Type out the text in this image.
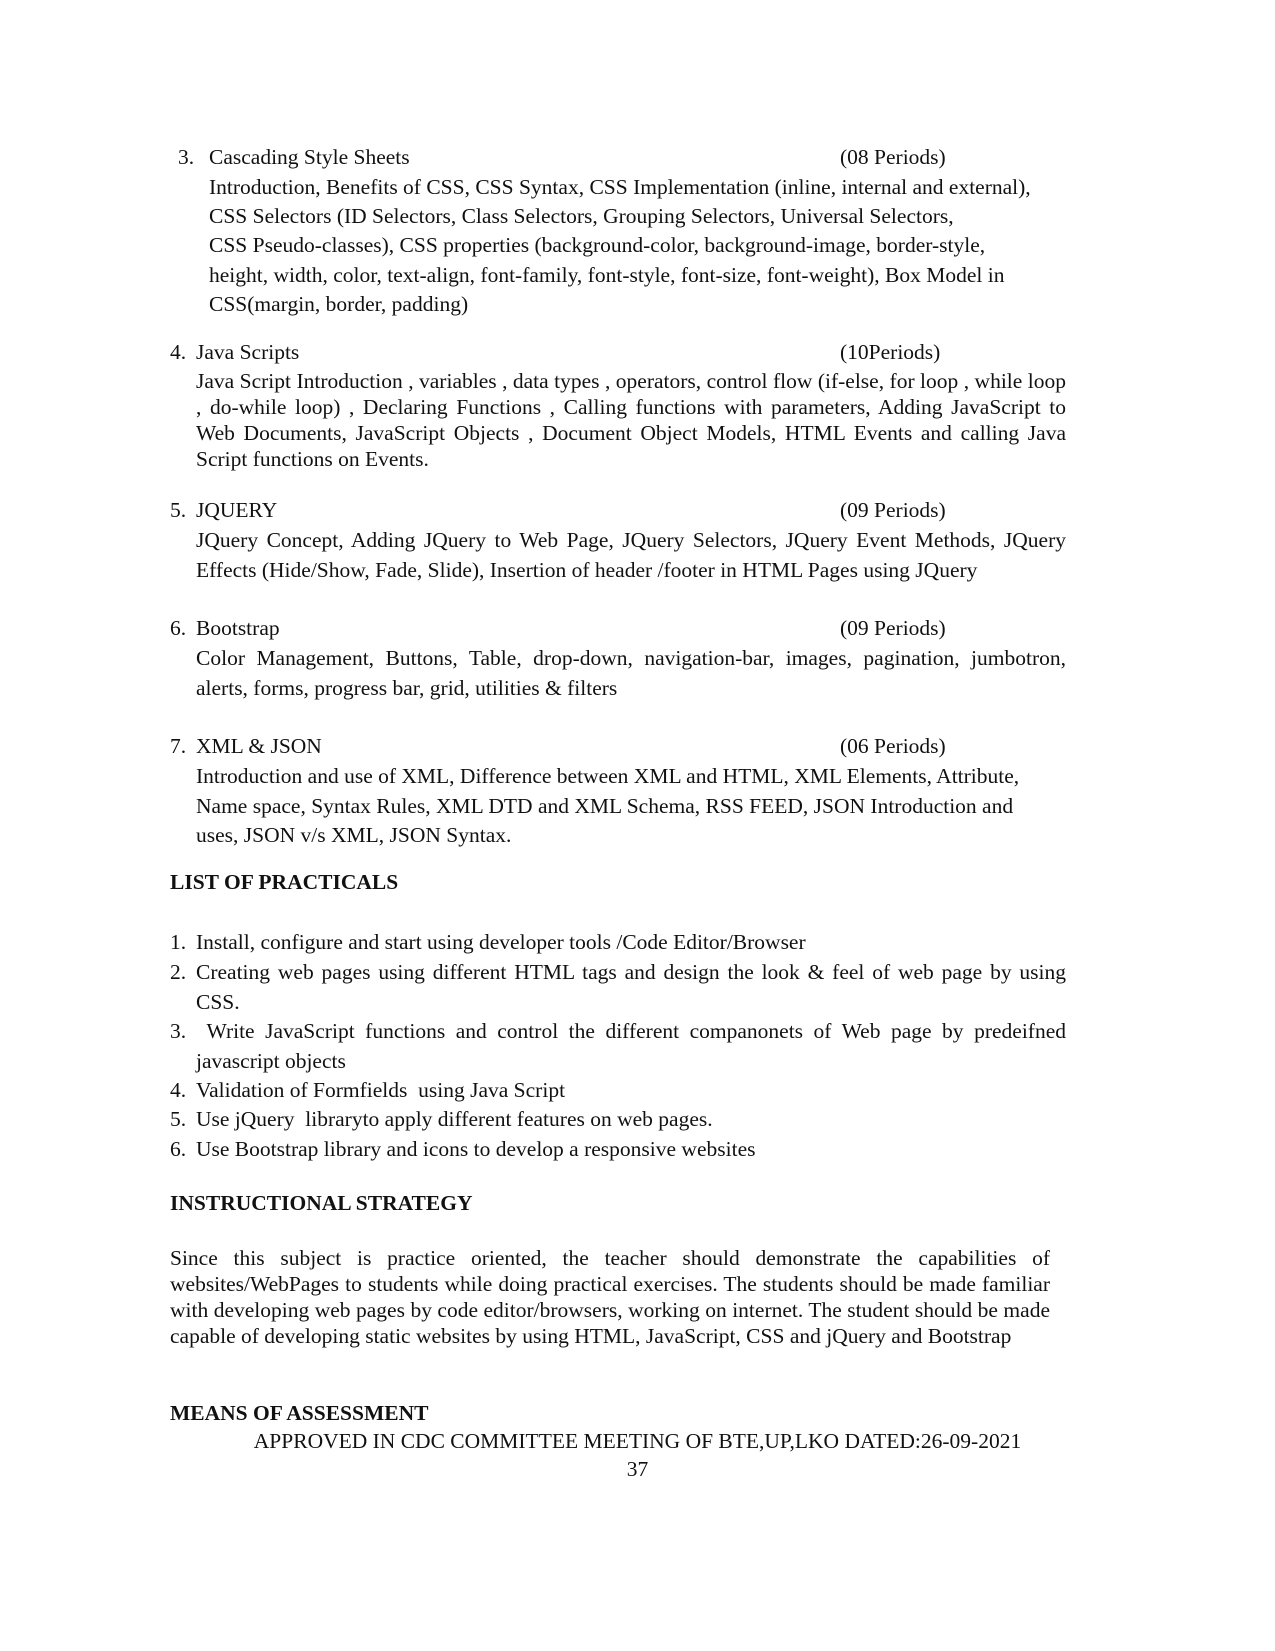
3. Cascading Style Sheets	(08 Periods)
Introduction, Benefits of CSS, CSS Syntax, CSS Implementation (inline, internal and external),
CSS Selectors (ID Selectors, Class Selectors, Grouping Selectors, Universal Selectors,
CSS Pseudo-classes), CSS properties (background-color, background-image, border-style,
height, width, color, text-align, font-family, font-style, font-size, font-weight), Box Model in
CSS(margin, border, padding)
4. Java Scripts	(10Periods)
Java Script Introduction , variables , data types , operators, control flow (if-else, for loop , while loop , do-while loop) , Declaring Functions , Calling functions with parameters, Adding JavaScript to Web Documents, JavaScript Objects , Document Object Models, HTML Events and calling Java Script functions on Events.
5. JQUERY	(09 Periods)
JQuery Concept, Adding JQuery to Web Page, JQuery Selectors, JQuery Event Methods, JQuery Effects (Hide/Show, Fade, Slide), Insertion of header /footer in HTML Pages using JQuery
6. Bootstrap	(09 Periods)
Color Management, Buttons, Table, drop-down, navigation-bar, images, pagination, jumbotron, alerts, forms, progress bar, grid, utilities & filters
7. XML & JSON	(06 Periods)
Introduction and use of XML, Difference between XML and HTML, XML Elements, Attribute,
Name space, Syntax Rules, XML DTD and XML Schema, RSS FEED, JSON Introduction and
uses, JSON v/s XML, JSON Syntax.
LIST OF PRACTICALS
1. Install, configure and start using developer tools /Code Editor/Browser
2. Creating web pages using different HTML tags and design the look & feel of web page by using CSS.
3. Write JavaScript functions and control the different companonets of Web page by predeifned javascript objects
4. Validation of Formfields  using Java Script
5. Use jQuery  libraryto apply different features on web pages.
6. Use Bootstrap library and icons to develop a responsive websites
INSTRUCTIONAL STRATEGY
Since this subject is practice oriented, the teacher should demonstrate the capabilities of websites/WebPages to students while doing practical exercises. The students should be made familiar with developing web pages by code editor/browsers, working on internet. The student should be made capable of developing static websites by using HTML, JavaScript, CSS and jQuery and Bootstrap
MEANS OF ASSESSMENT
APPROVED IN CDC COMMITTEE MEETING OF BTE,UP,LKO DATED:26-09-2021
37
